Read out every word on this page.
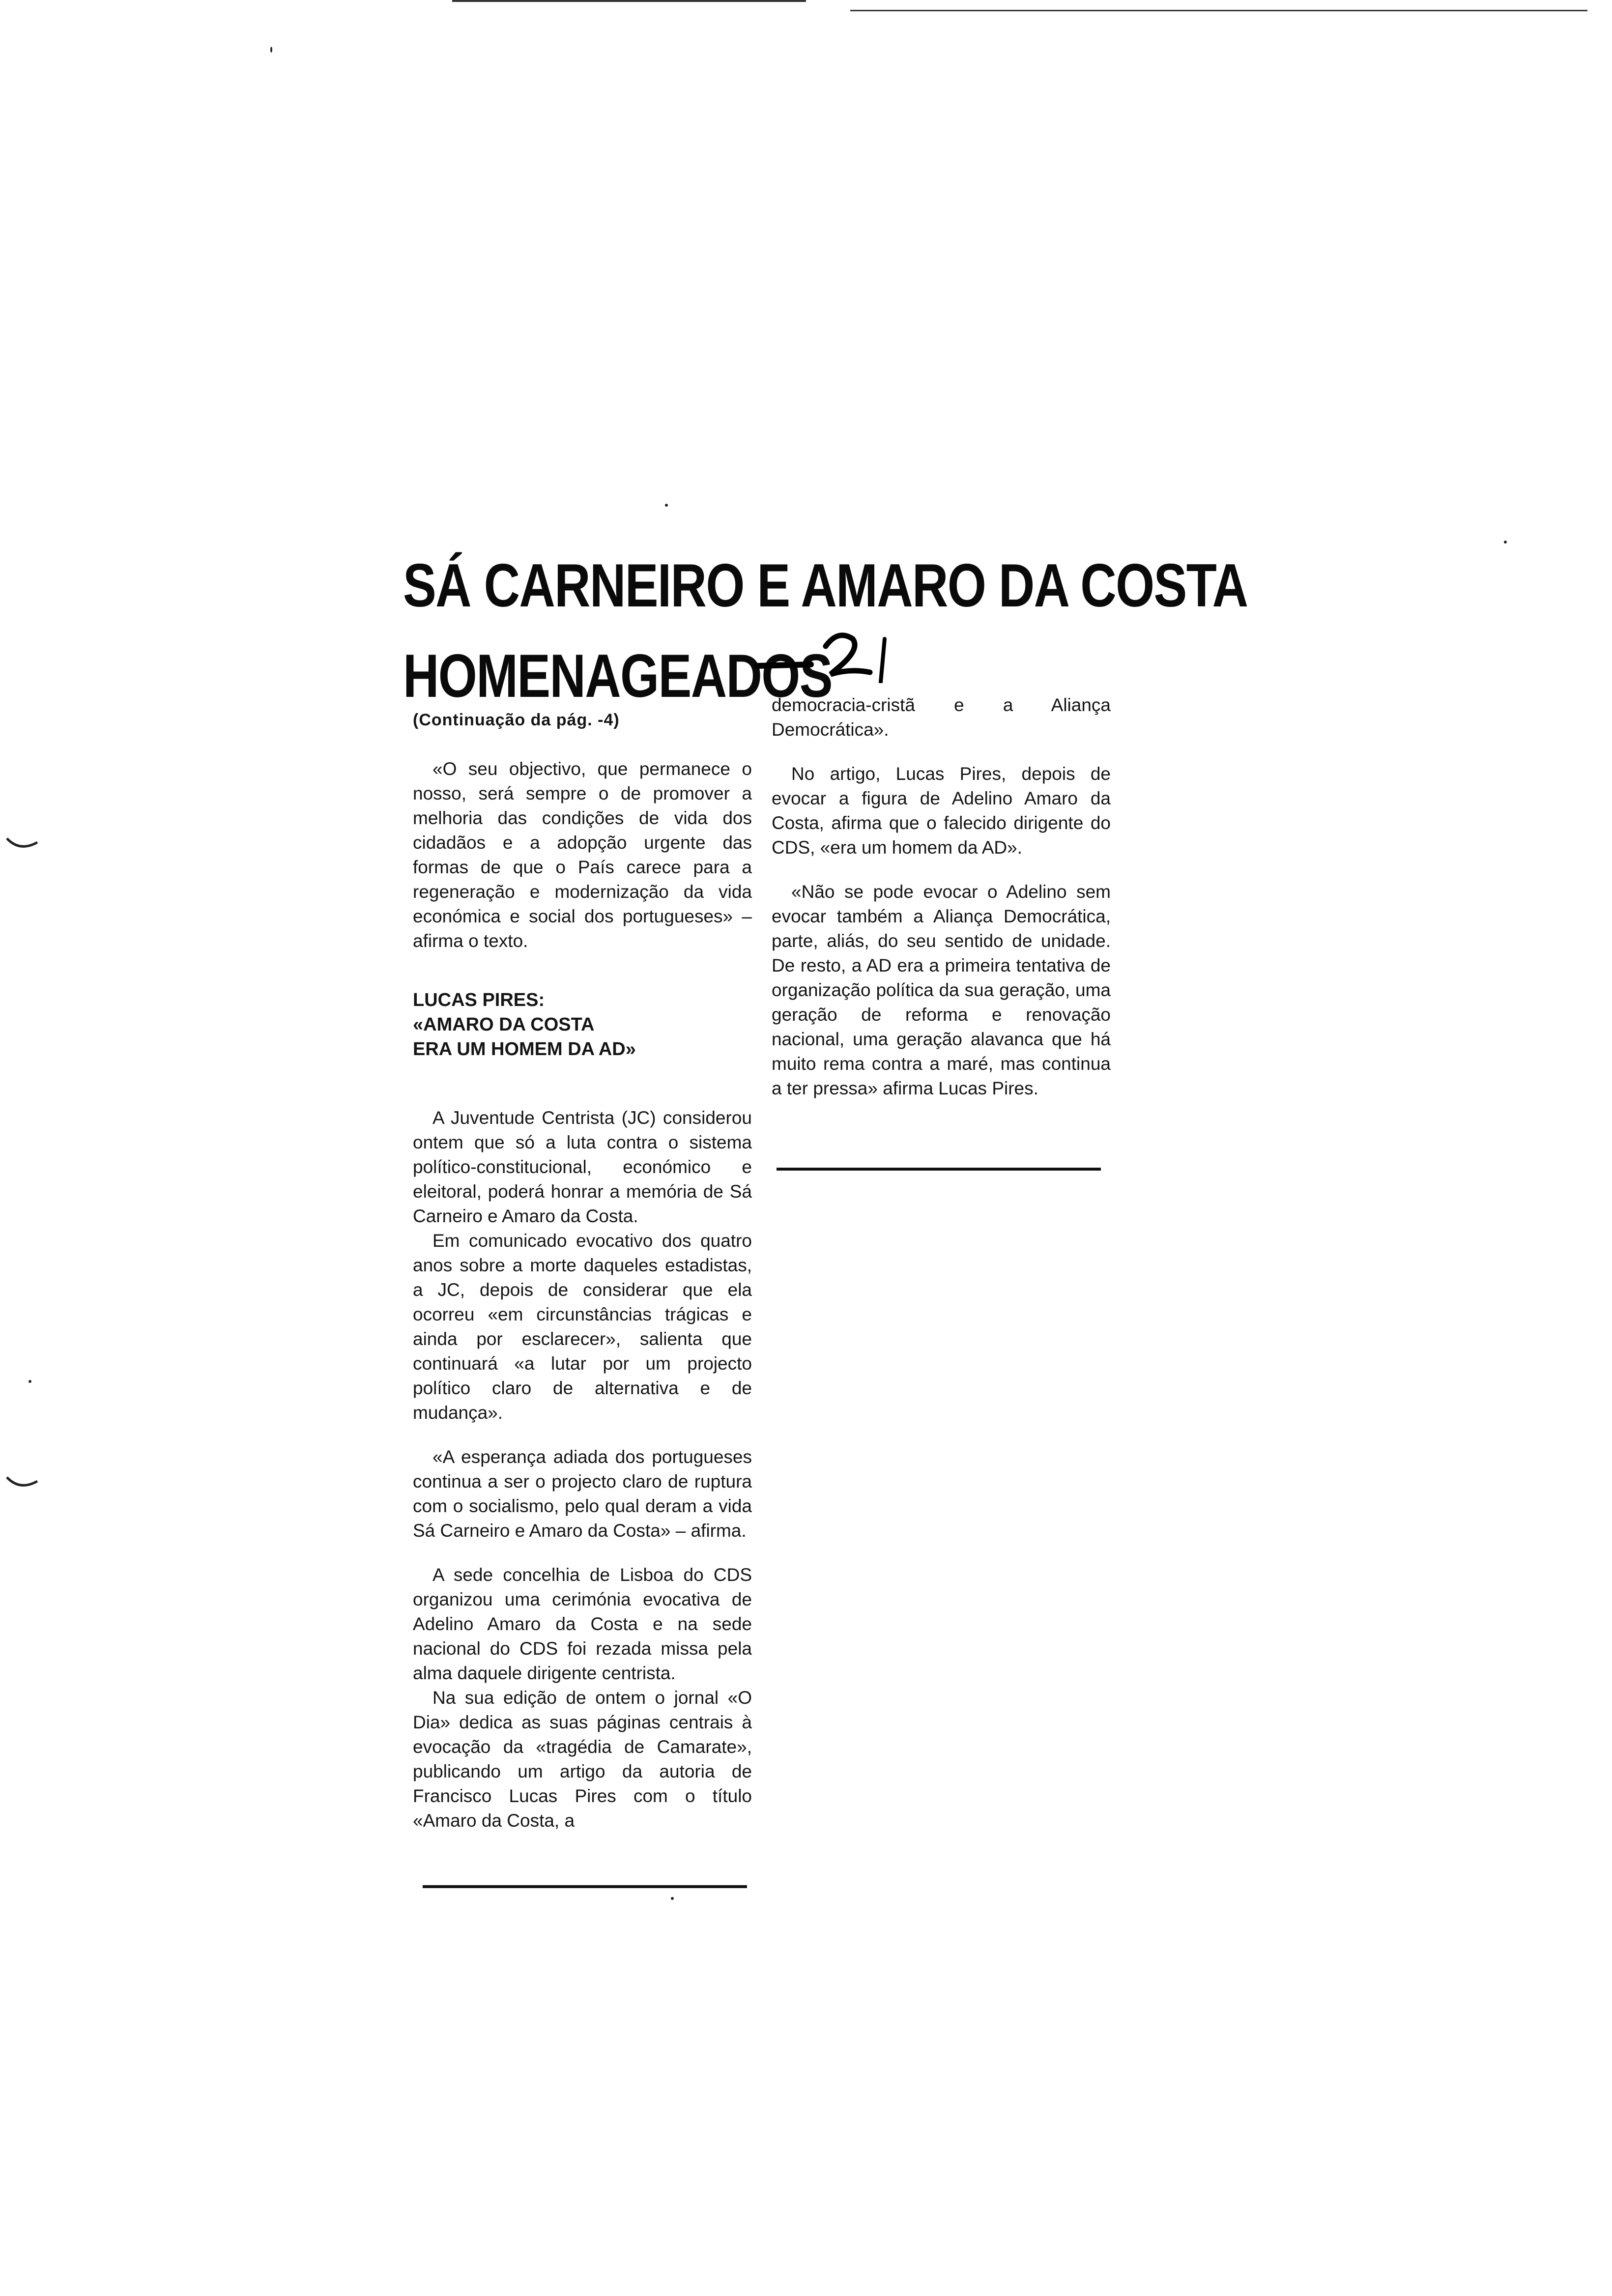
SÁ CARNEIRO E AMARO DA COSTA
HOMENAGEADOS

(Continuação da pág. -4)

«O seu objectivo, que permanece o nosso, será sempre o de promover a melhoria das condições de vida dos cidadãos e a adopção urgente das formas de que o País carece para a regeneração e modernização da vida económica e social dos portugueses» – afirma o texto.

LUCAS PIRES:
«AMARO DA COSTA
ERA UM HOMEM DA AD»

A Juventude Centrista (JC) considerou ontem que só a luta contra o sistema político-constitucional, económico e eleitoral, poderá honrar a memória de Sá Carneiro e Amaro da Costa.

Em comunicado evocativo dos quatro anos sobre a morte daqueles estadistas, a JC, depois de considerar que ela ocorreu «em circunstâncias trágicas e ainda por esclarecer», salienta que continuará «a lutar por um projecto político claro de alternativa e de mudança».

«A esperança adiada dos portugueses continua a ser o projecto claro de ruptura com o socialismo, pelo qual deram a vida Sá Carneiro e Amaro da Costa» – afirma.

A sede concelhia de Lisboa do CDS organizou uma cerimónia evocativa de Adelino Amaro da Costa e na sede nacional do CDS foi rezada missa pela alma daquele dirigente centrista.

Na sua edição de ontem o jornal «O Dia» dedica as suas páginas centrais à evocação da «tragédia de Camarate», publicando um artigo da autoria de Francisco Lucas Pires com o título «Amaro da Costa, a

democracia-cristã e a Aliança Democrática».

No artigo, Lucas Pires, depois de evocar a figura de Adelino Amaro da Costa, afirma que o falecido dirigente do CDS, «era um homem da AD».

«Não se pode evocar o Adelino sem evocar também a Aliança Democrática, parte, aliás, do seu sentido de unidade. De resto, a AD era a primeira tentativa de organização política da sua geração, uma geração de reforma e renovação nacional, uma geração alavanca que há muito rema contra a maré, mas continua a ter pressa» afirma Lucas Pires.
